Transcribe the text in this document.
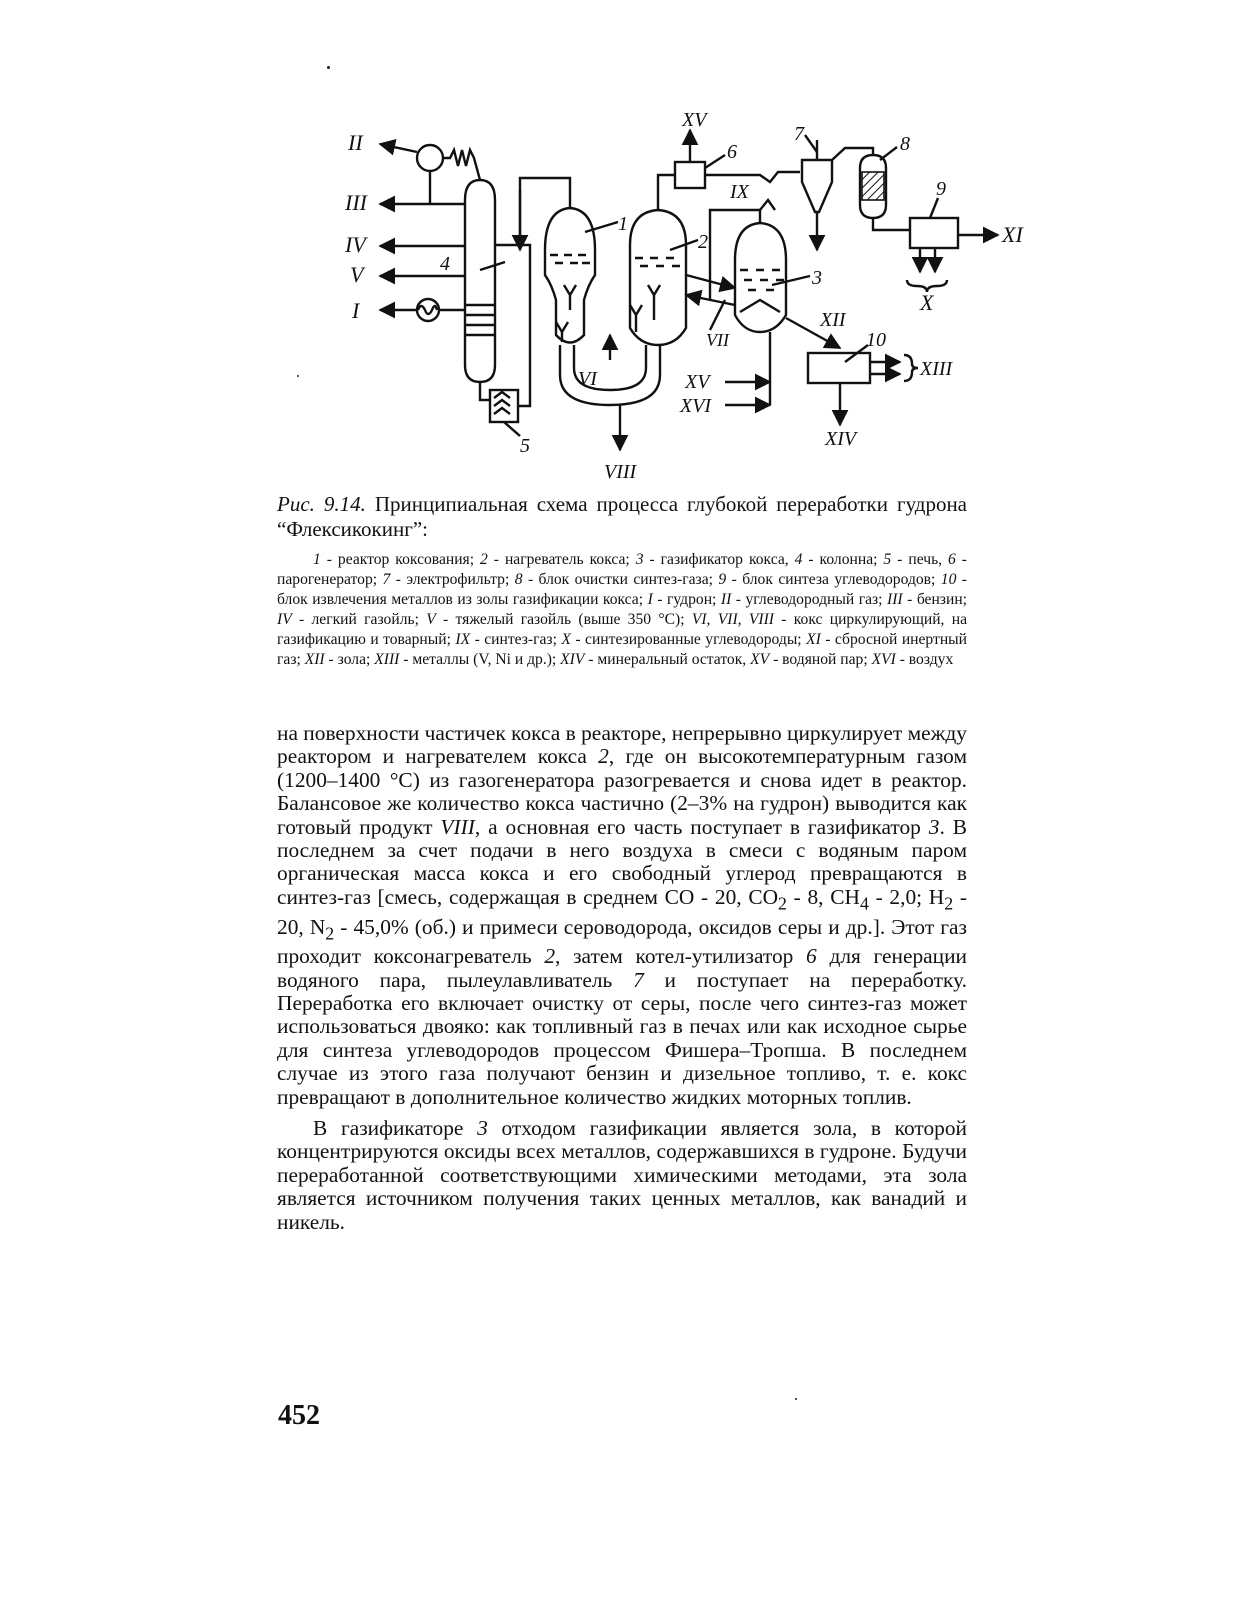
II
III
IV
V
I
VI
VII
VIII
IX
X
XI
XII
XIII
XIV
XV
XV
XVI
1
2
3
4
5
6
7	8
9
10

Рис. 9.14. Принципиальная схема процесса глубокой переработки гудрона “Флексикокинг”:

1 - реактор коксования; 2 - нагреватель кокса; 3 - газификатор кокса, 4 - колонна; 5 - печь, 6 - парогенератор; 7 - электрофильтр; 8 - блок очистки синтез-газа; 9 - блок синтеза углеводородов; 10 - блок извлечения металлов из золы газификации кокса; I - гудрон; II - углеводородный газ; III - бензин; IV - легкий газойль; V - тяжелый газойль (выше 350 °С); VI, VII, VIII - кокс циркулирующий, на газификацию и товарный; IX - синтез-газ; X - синтезированные углеводороды; XI - сбросной инертный газ; XII - зола; XIII - металлы (V, Ni и др.); XIV - минеральный остаток, XV - водяной пар; XVI - воздух

на поверхности частичек кокса в реакторе, непрерывно циркулирует между реактором и нагревателем кокса 2, где он высокотемпературным газом (1200–1400 °С) из газогенератора разогревается и снова идет в реактор. Балансовое же количество кокса частично (2–3% на гудрон) выводится как готовый продукт VIII, а основная его часть поступает в газификатор 3. В последнем за счет подачи в него воздуха в смеси с водяным паром органическая масса кокса и его свободный углерод превращаются в синтез-газ [смесь, содержащая в среднем СО - 20, $СО_2 - 8$, $СН_4 - 2,0$; $Н_2 - 20$, $N_2 - 45,0\%$ (об.) и примеси сероводорода, оксидов серы и др.]. Этот газ проходит коксонагреватель 2, затем котел-утилизатор 6 для генерации водяного пара, пылеулавливатель 7 и поступает на переработку. Переработка его включает очистку от серы, после чего синтез-газ может использоваться двояко: как топливный газ в печах или как исходное сырье для синтеза углеводородов процессом Фишера–Тропша. В последнем случае из этого газа получают бензин и дизельное топливо, т. е. кокс превращают в дополнительное количество жидких моторных топлив.

В газификаторе 3 отходом газификации является зола, в которой концентрируются оксиды всех металлов, содержавшихся в гудроне. Будучи переработанной соответствующими химическими методами, эта зола является источником получения таких ценных металлов, как ванадий и никель.

452
